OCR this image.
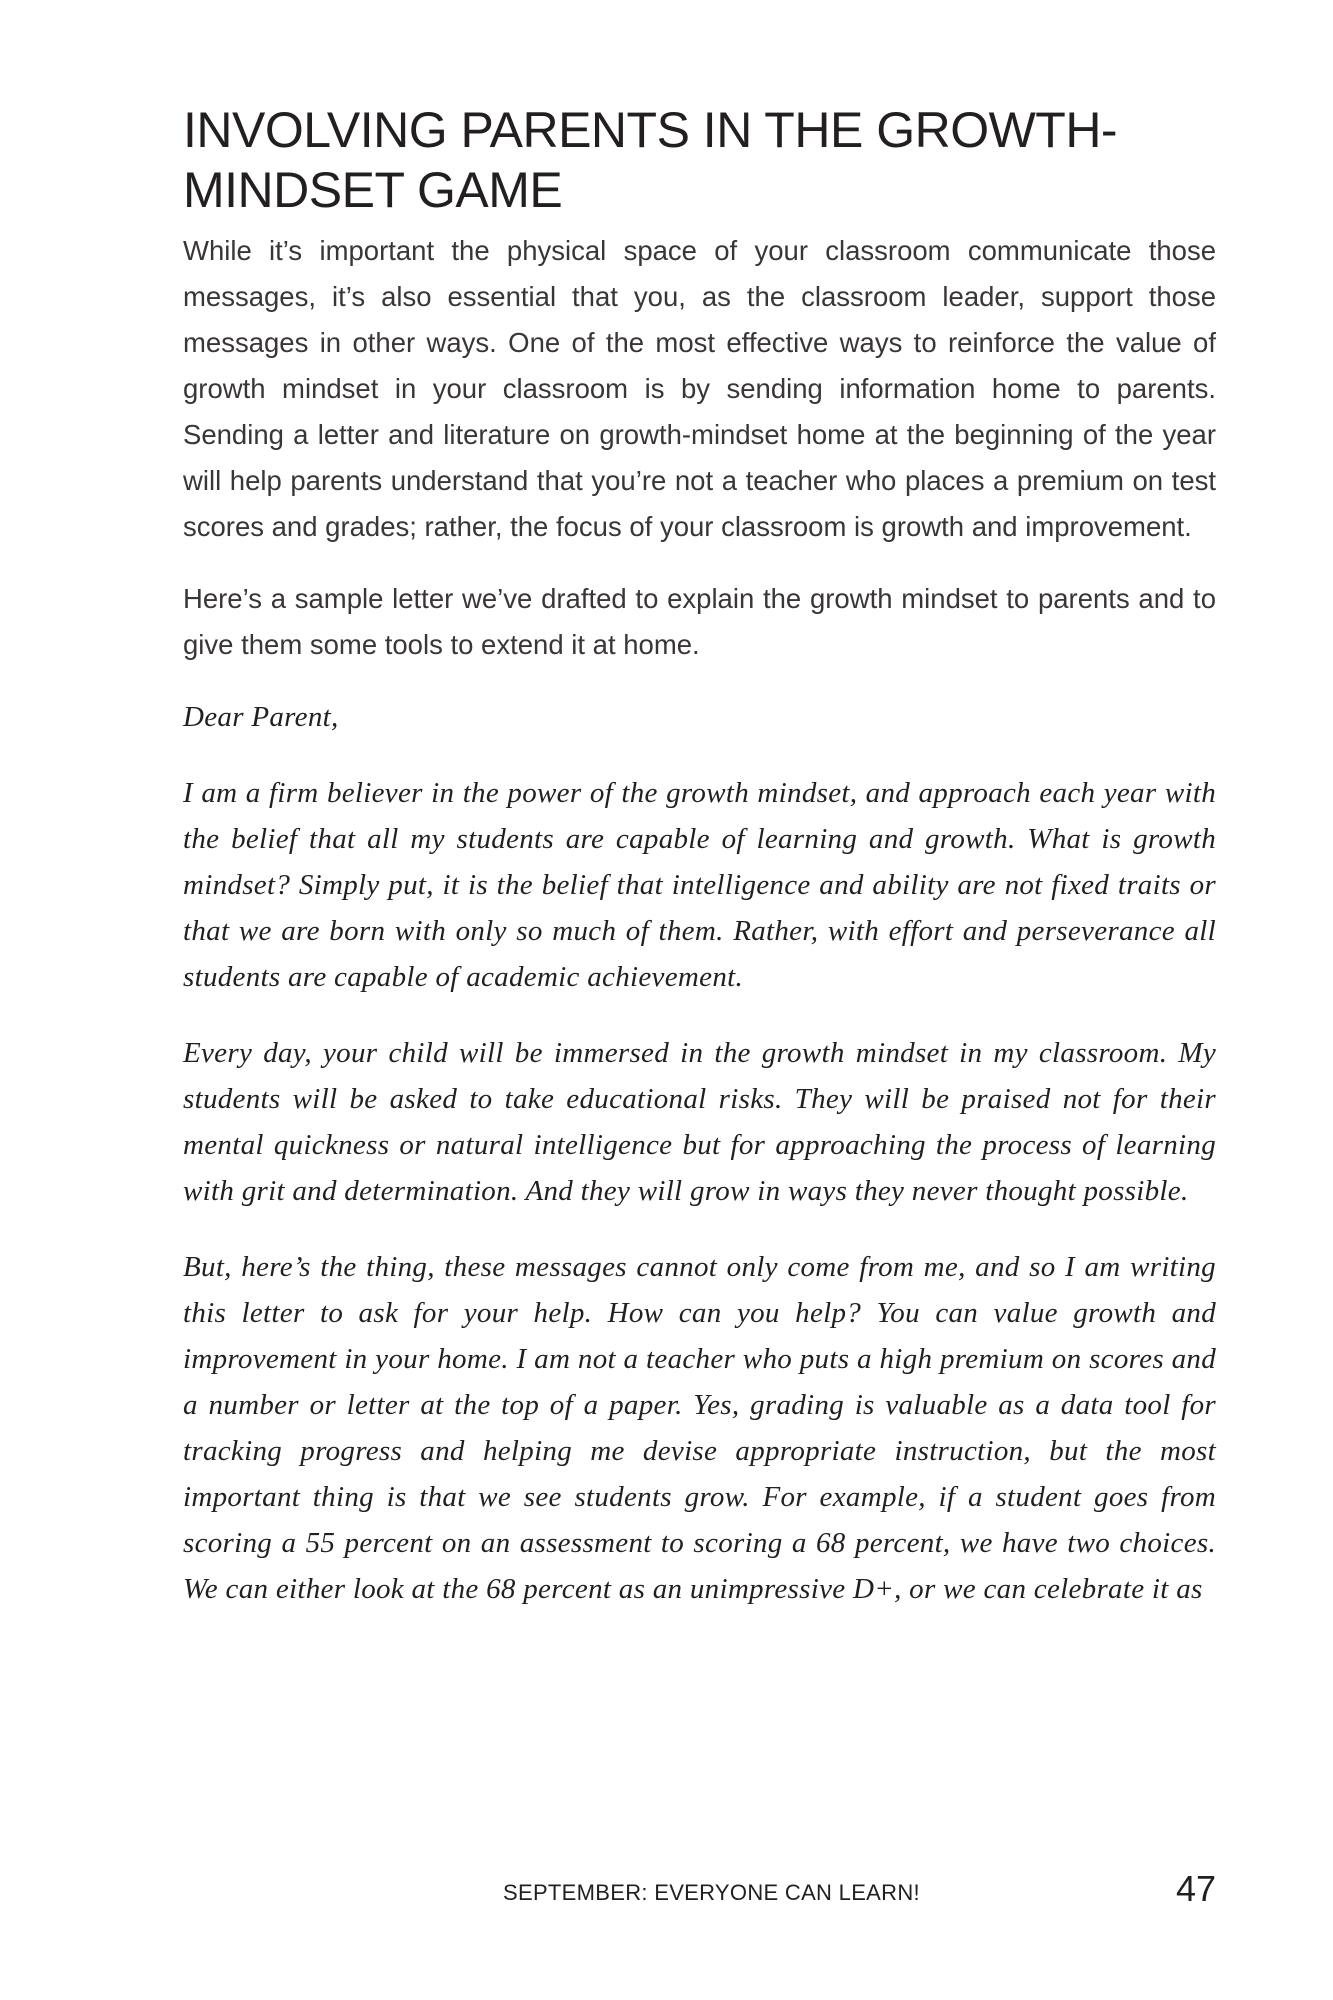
INVOLVING PARENTS IN THE GROWTH-MINDSET GAME

While it’s important the physical space of your classroom communicate those messages, it’s also essential that you, as the classroom leader, support those messages in other ways. One of the most effective ways to reinforce the value of growth mindset in your classroom is by sending information home to parents. Sending a letter and literature on growth-mindset home at the beginning of the year will help parents understand that you’re not a teacher who places a premium on test scores and grades; rather, the focus of your classroom is growth and improvement.

Here’s a sample letter we’ve drafted to explain the growth mindset to parents and to give them some tools to extend it at home.

Dear Parent,

I am a firm believer in the power of the growth mindset, and approach each year with the belief that all my students are capable of learning and growth. What is growth mindset? Simply put, it is the belief that intelligence and ability are not fixed traits or that we are born with only so much of them. Rather, with effort and perseverance all students are capable of academic achievement.

Every day, your child will be immersed in the growth mindset in my classroom. My students will be asked to take educational risks. They will be praised not for their mental quickness or natural intelligence but for approaching the process of learning with grit and determination. And they will grow in ways they never thought possible.

But, here’s the thing, these messages cannot only come from me, and so I am writing this letter to ask for your help. How can you help? You can value growth and improvement in your home. I am not a teacher who puts a high premium on scores and a number or letter at the top of a paper. Yes, grading is valuable as a data tool for tracking progress and helping me devise appropriate instruction, but the most important thing is that we see students grow. For example, if a student goes from scoring a 55 percent on an assessment to scoring a 68 percent, we have two choices. We can either look at the 68 percent as an unimpressive D+, or we can celebrate it as

SEPTEMBER: EVERYONE CAN LEARN!	47
